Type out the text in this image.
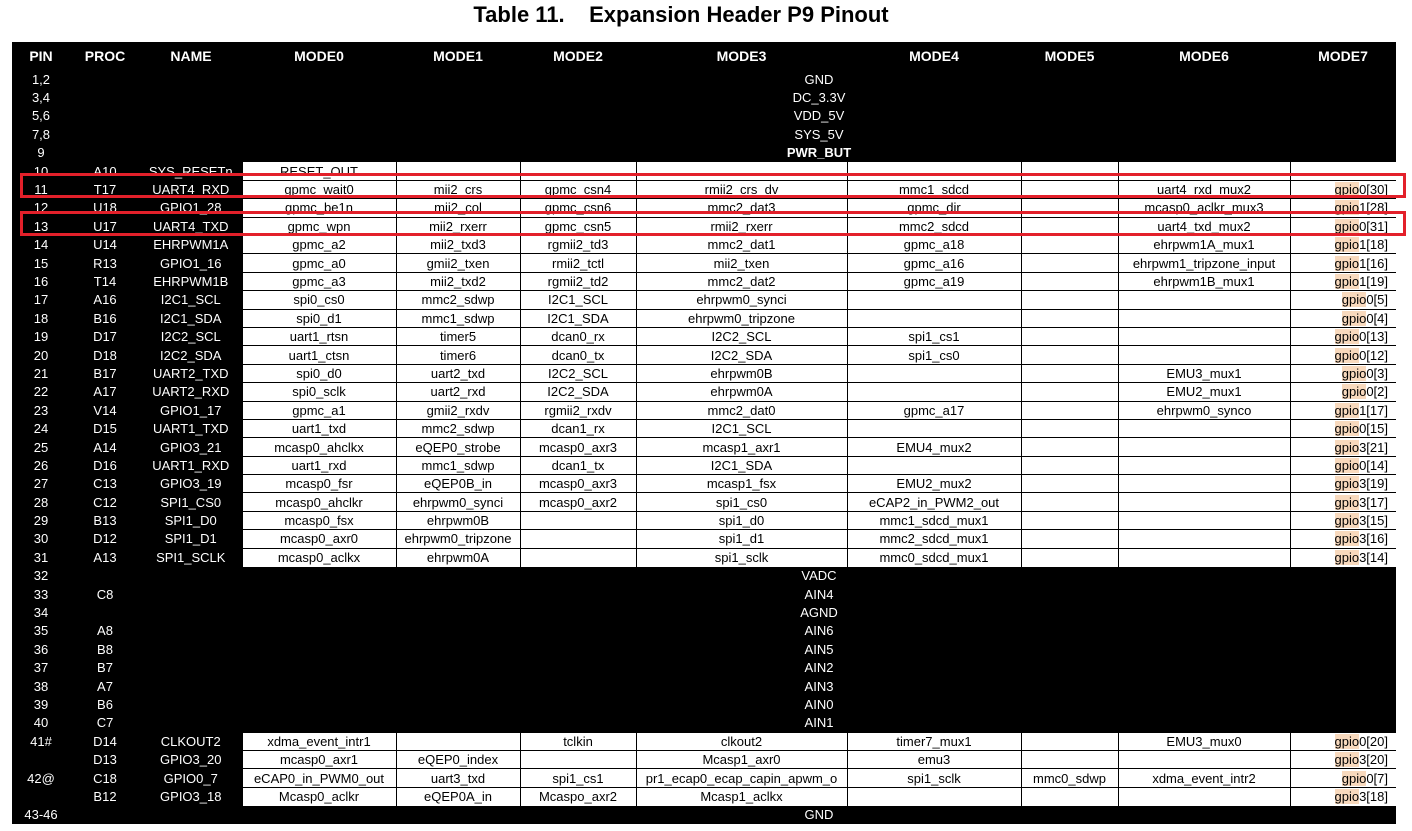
Table 11.    Expansion Header P9 Pinout
PIN	PROC	NAME	MODE0	MODE1	MODE2	MODE3	MODE4	MODE5	MODE6	MODE7
1,2			GND							
3,4			DC_3.3V							
5,6			VDD_5V							
7,8			SYS_5V							
9			PWR_BUT							
10	A10	SYS_RESETn	RESET_OUT							
11	T17	UART4_RXD	gpmc_wait0	mii2_crs	gpmc_csn4	rmii2_crs_dv	mmc1_sdcd		uart4_rxd_mux2	gpio0[30]
12	U18	GPIO1_28	gpmc_be1n	mii2_col	gpmc_csn6	mmc2_dat3	gpmc_dir		mcasp0_aclkr_mux3	gpio1[28]
13	U17	UART4_TXD	gpmc_wpn	mii2_rxerr	gpmc_csn5	rmii2_rxerr	mmc2_sdcd		uart4_txd_mux2	gpio0[31]
14	U14	EHRPWM1A	gpmc_a2	mii2_txd3	rgmii2_td3	mmc2_dat1	gpmc_a18		ehrpwm1A_mux1	gpio1[18]
15	R13	GPIO1_16	gpmc_a0	gmii2_txen	rmii2_tctl	mii2_txen	gpmc_a16		ehrpwm1_tripzone_input	gpio1[16]
16	T14	EHRPWM1B	gpmc_a3	mii2_txd2	rgmii2_td2	mmc2_dat2	gpmc_a19		ehrpwm1B_mux1	gpio1[19]
17	A16	I2C1_SCL	spi0_cs0	mmc2_sdwp	I2C1_SCL	ehrpwm0_synci				gpio0[5]
18	B16	I2C1_SDA	spi0_d1	mmc1_sdwp	I2C1_SDA	ehrpwm0_tripzone				gpio0[4]
19	D17	I2C2_SCL	uart1_rtsn	timer5	dcan0_rx	I2C2_SCL	spi1_cs1			gpio0[13]
20	D18	I2C2_SDA	uart1_ctsn	timer6	dcan0_tx	I2C2_SDA	spi1_cs0			gpio0[12]
21	B17	UART2_TXD	spi0_d0	uart2_txd	I2C2_SCL	ehrpwm0B			EMU3_mux1	gpio0[3]
22	A17	UART2_RXD	spi0_sclk	uart2_rxd	I2C2_SDA	ehrpwm0A			EMU2_mux1	gpio0[2]
23	V14	GPIO1_17	gpmc_a1	gmii2_rxdv	rgmii2_rxdv	mmc2_dat0	gpmc_a17		ehrpwm0_synco	gpio1[17]
24	D15	UART1_TXD	uart1_txd	mmc2_sdwp	dcan1_rx	I2C1_SCL				gpio0[15]
25	A14	GPIO3_21	mcasp0_ahclkx	eQEP0_strobe	mcasp0_axr3	mcasp1_axr1	EMU4_mux2			gpio3[21]
26	D16	UART1_RXD	uart1_rxd	mmc1_sdwp	dcan1_tx	I2C1_SDA				gpio0[14]
27	C13	GPIO3_19	mcasp0_fsr	eQEP0B_in	mcasp0_axr3	mcasp1_fsx	EMU2_mux2			gpio3[19]
28	C12	SPI1_CS0	mcasp0_ahclkr	ehrpwm0_synci	mcasp0_axr2	spi1_cs0	eCAP2_in_PWM2_out			gpio3[17]
29	B13	SPI1_D0	mcasp0_fsx	ehrpwm0B		spi1_d0	mmc1_sdcd_mux1			gpio3[15]
30	D12	SPI1_D1	mcasp0_axr0	ehrpwm0_tripzone		spi1_d1	mmc2_sdcd_mux1			gpio3[16]
31	A13	SPI1_SCLK	mcasp0_aclkx	ehrpwm0A		spi1_sclk	mmc0_sdcd_mux1			gpio3[14]
32			VADC							
33	C8		AIN4							
34			AGND							
35	A8		AIN6							
36	B8		AIN5							
37	B7		AIN2							
38	A7		AIN3							
39	B6		AIN0							
40	C7		AIN1							
41#	D14	CLKOUT2	xdma_event_intr1		tclkin	clkout2	timer7_mux1		EMU3_mux0	gpio0[20]
	D13	GPIO3_20	mcasp0_axr1	eQEP0_index		Mcasp1_axr0	emu3			gpio3[20]
42@	C18	GPIO0_7	eCAP0_in_PWM0_out	uart3_txd	spi1_cs1	pr1_ecap0_ecap_capin_apwm_o	spi1_sclk	mmc0_sdwp	xdma_event_intr2	gpio0[7]
	B12	GPIO3_18	Mcasp0_aclkr	eQEP0A_in	Mcaspo_axr2	Mcasp1_aclkx				gpio3[18]
43-46			GND							
